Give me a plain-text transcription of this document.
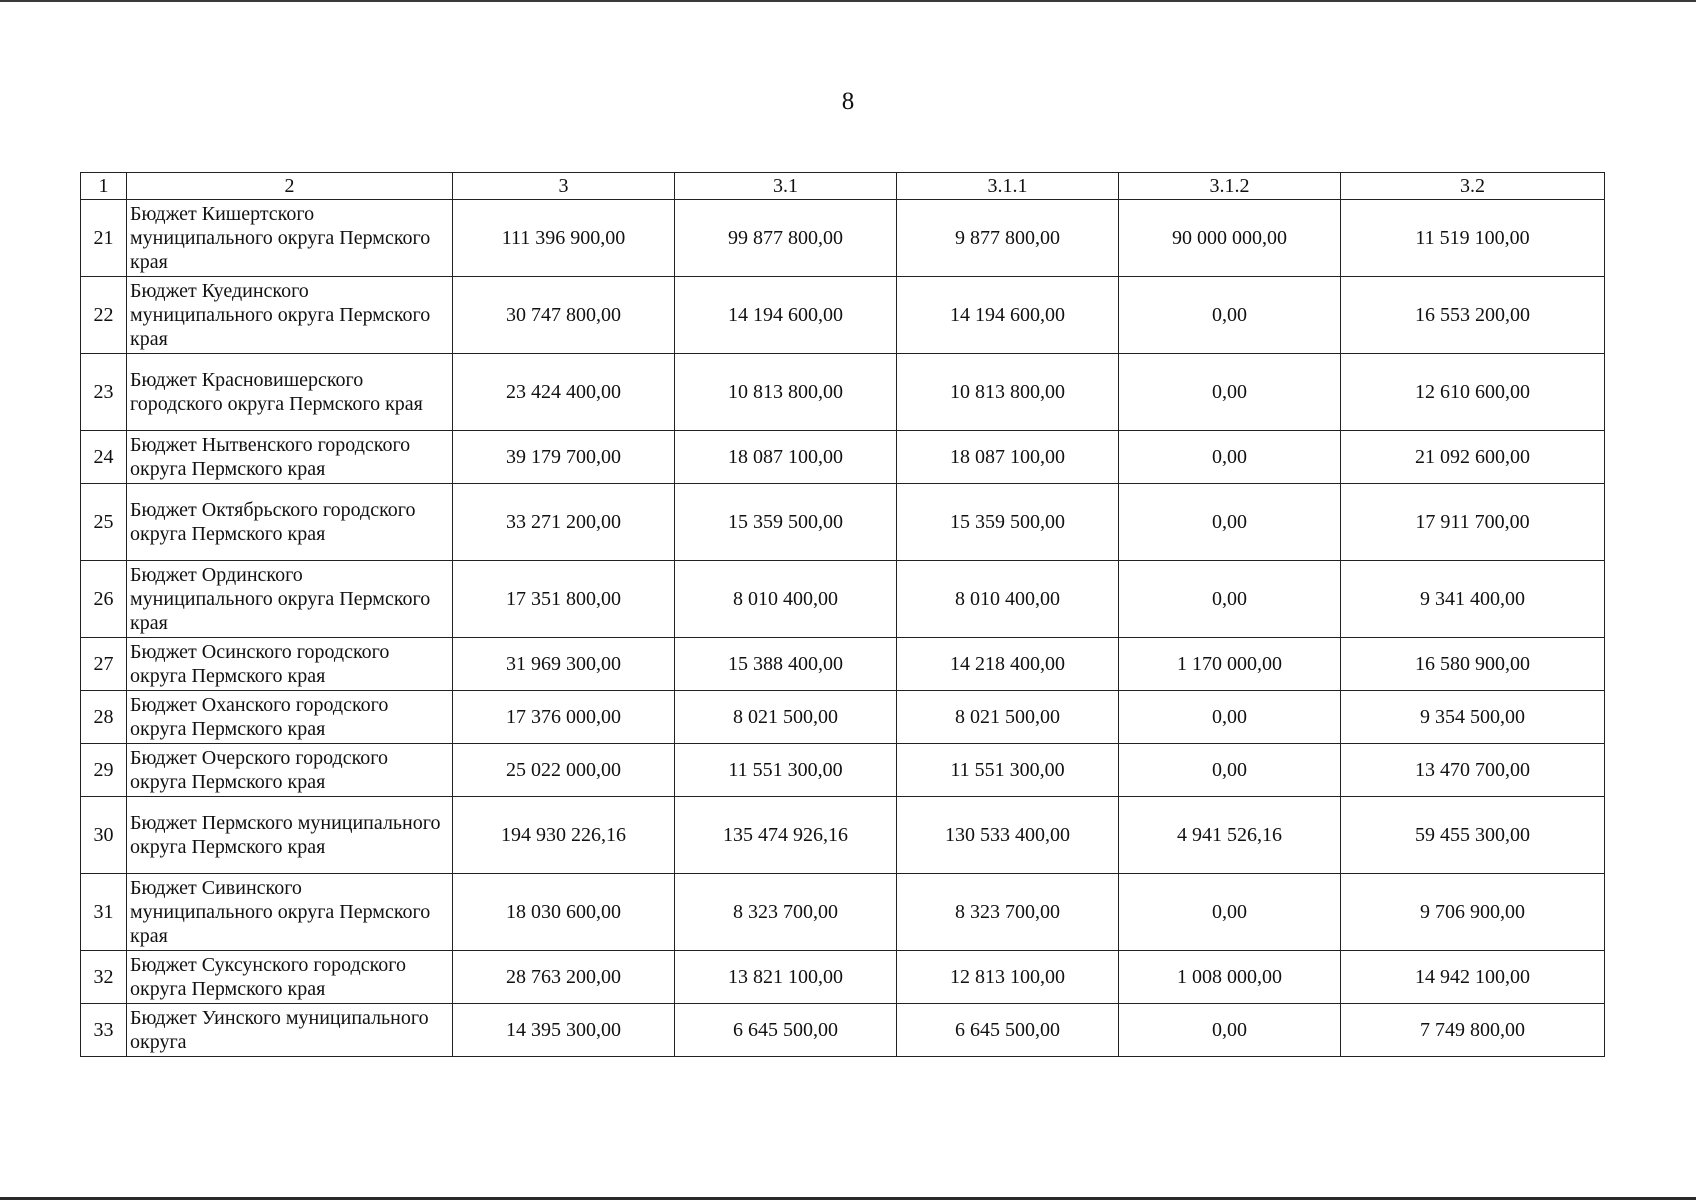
8
1	2	3	3.1	3.1.1	3.1.2	3.2
21	Бюджет Кишертского муниципального округа Пермского края	111 396 900,00	99 877 800,00	9 877 800,00	90 000 000,00	11 519 100,00
22	Бюджет Куединского муниципального округа Пермского края	30 747 800,00	14 194 600,00	14 194 600,00	0,00	16 553 200,00
23	Бюджет Красновишерского городского округа Пермского края	23 424 400,00	10 813 800,00	10 813 800,00	0,00	12 610 600,00
24	Бюджет Нытвенского городского округа Пермского края	39 179 700,00	18 087 100,00	18 087 100,00	0,00	21 092 600,00
25	Бюджет Октябрьского городского округа Пермского края	33 271 200,00	15 359 500,00	15 359 500,00	0,00	17 911 700,00
26	Бюджет Ординского муниципального округа Пермского края	17 351 800,00	8 010 400,00	8 010 400,00	0,00	9 341 400,00
27	Бюджет Осинского городского округа Пермского края	31 969 300,00	15 388 400,00	14 218 400,00	1 170 000,00	16 580 900,00
28	Бюджет Оханского городского округа Пермского края	17 376 000,00	8 021 500,00	8 021 500,00	0,00	9 354 500,00
29	Бюджет Очерского городского округа Пермского края	25 022 000,00	11 551 300,00	11 551 300,00	0,00	13 470 700,00
30	Бюджет Пермского муниципального округа Пермского края	194 930 226,16	135 474 926,16	130 533 400,00	4 941 526,16	59 455 300,00
31	Бюджет Сивинского муниципального округа Пермского края	18 030 600,00	8 323 700,00	8 323 700,00	0,00	9 706 900,00
32	Бюджет Суксунского городского округа Пермского края	28 763 200,00	13 821 100,00	12 813 100,00	1 008 000,00	14 942 100,00
33	Бюджет Уинского муниципального округа	14 395 300,00	6 645 500,00	6 645 500,00	0,00	7 749 800,00
